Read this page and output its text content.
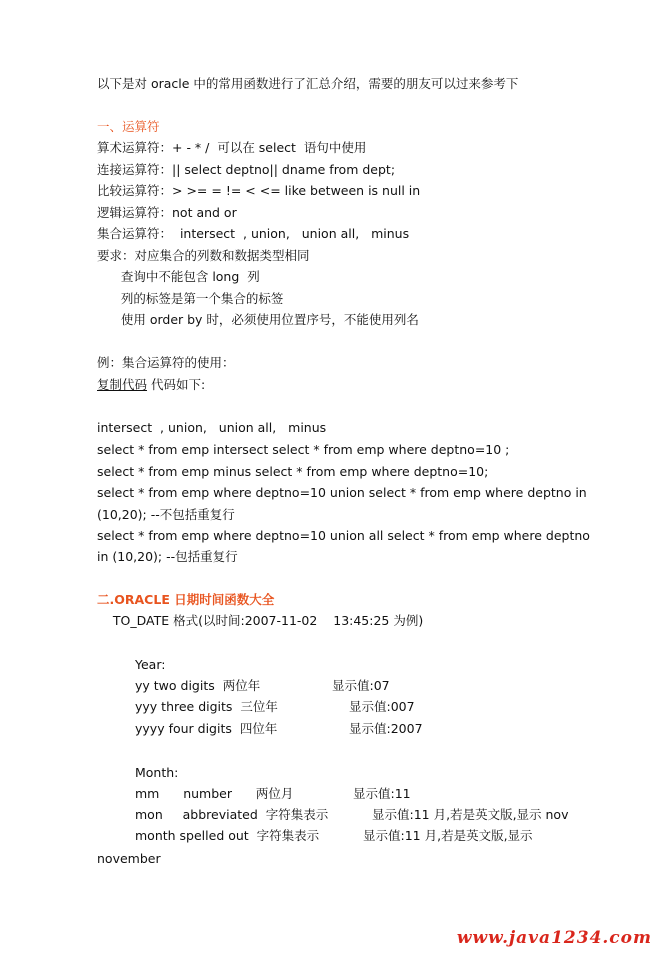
以下是对 oracle 中的常用函数进行了汇总介绍，需要的朋友可以过来参考下
一、运算符
算术运算符：+ - * /  可以在 select  语句中使用
连接运算符：|| select deptno|| dname from dept;
比较运算符：> >= = != < <= like between is null in
逻辑运算符：not and or
集合运算符：  intersect  , union,   union all,   minus
要求：对应集合的列数和数据类型相同
查询中不能包含 long  列
列的标签是第一个集合的标签
使用 order by 时，必须使用位置序号，不能使用列名
例：集合运算符的使用：
复制代码 代码如下:
intersect  , union,   union all,   minus
select * from emp intersect select * from emp where deptno=10 ;
select * from emp minus select * from emp where deptno=10;
select * from emp where deptno=10 union select * from emp where deptno in
(10,20); --不包括重复行
select * from emp where deptno=10 union all select * from emp where deptno
in (10,20); --包括重复行
二.ORACLE 日期时间函数大全
TO_DATE 格式(以时间:2007-11-02    13:45:25 为例)
Year:
yy two digits  两位年	显示值:07
yyy three digits  三位年	显示值:007
yyyy four digits  四位年	显示值:2007
Month:
mm      number      两位月	显示值:11
mon     abbreviated  字符集表示	显示值:11 月,若是英文版,显示 nov
month spelled out  字符集表示	显示值:11 月,若是英文版,显示
november
www.java1234.com
